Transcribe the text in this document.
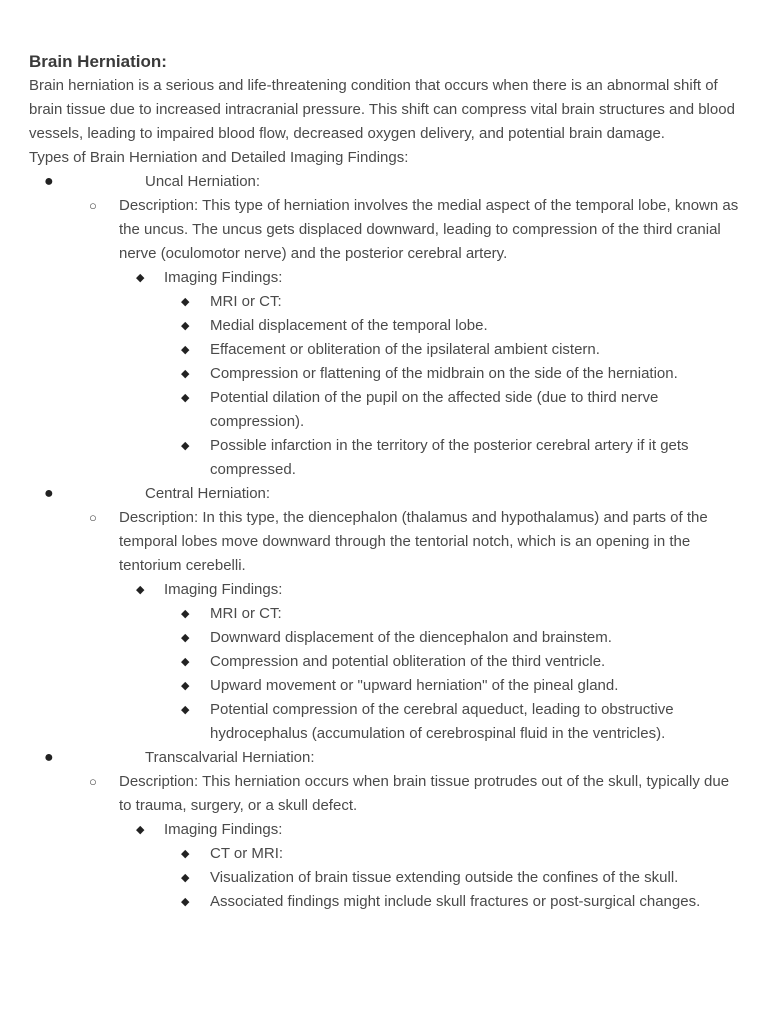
Brain Herniation:

Brain herniation is a serious and life-threatening condition that occurs when there is an abnormal shift of brain tissue due to increased intracranial pressure. This shift can compress vital brain structures and blood vessels, leading to impaired blood flow, decreased oxygen delivery, and potential brain damage.

Types of Brain Herniation and Detailed Imaging Findings:

●	Uncal Herniation:
○ Description: This type of herniation involves the medial aspect of the temporal lobe, known as the uncus. The uncus gets displaced downward, leading to compression of the third cranial nerve (oculomotor nerve) and the posterior cerebral artery.
◆ Imaging Findings:
◆ MRI or CT:
◆ Medial displacement of the temporal lobe.
◆ Effacement or obliteration of the ipsilateral ambient cistern.
◆ Compression or flattening of the midbrain on the side of the herniation.
◆ Potential dilation of the pupil on the affected side (due to third nerve compression).
◆ Possible infarction in the territory of the posterior cerebral artery if it gets compressed.
●	Central Herniation:
○ Description: In this type, the diencephalon (thalamus and hypothalamus) and parts of the temporal lobes move downward through the tentorial notch, which is an opening in the tentorium cerebelli.
◆ Imaging Findings:
◆ MRI or CT:
◆ Downward displacement of the diencephalon and brainstem.
◆ Compression and potential obliteration of the third ventricle.
◆ Upward movement or "upward herniation" of the pineal gland.
◆ Potential compression of the cerebral aqueduct, leading to obstructive hydrocephalus (accumulation of cerebrospinal fluid in the ventricles).
●	Transcalvarial Herniation:
○ Description: This herniation occurs when brain tissue protrudes out of the skull, typically due to trauma, surgery, or a skull defect.
◆ Imaging Findings:
◆ CT or MRI:
◆ Visualization of brain tissue extending outside the confines of the skull.
◆ Associated findings might include skull fractures or post-surgical changes.
